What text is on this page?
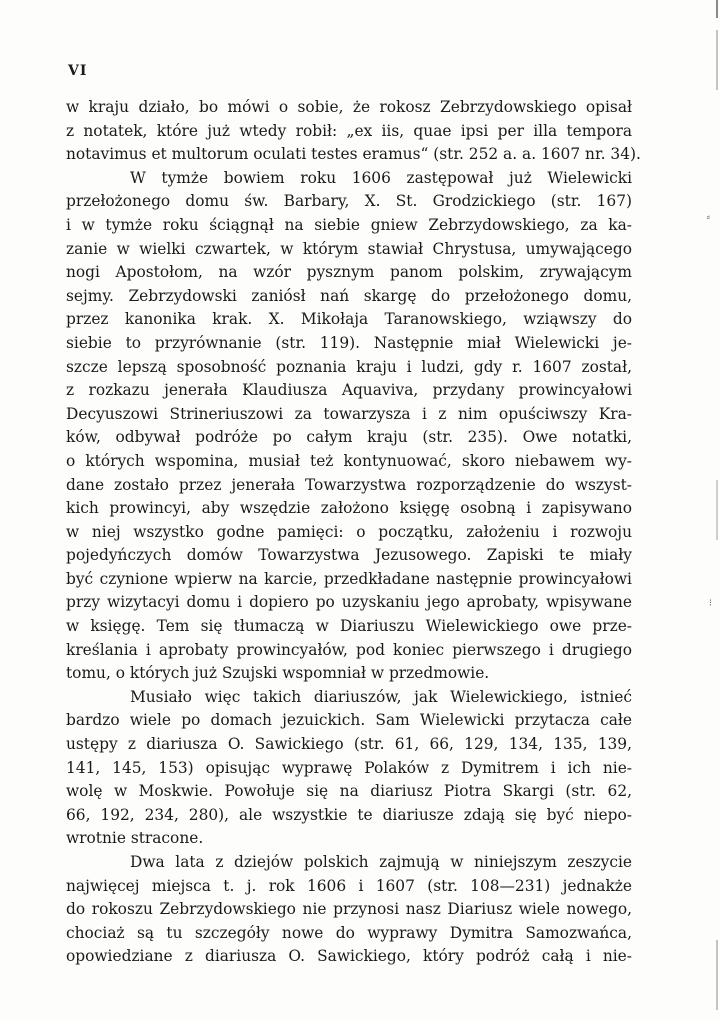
VI
w kraju działo, bo mówi o sobie, że rokosz Zebrzydowskiego opisał
z notatek, które już wtedy robił: „ex iis, quae ipsi per illa tempora
notavimus et multorum oculati testes eramus“ (str. 252 a. a. 1607 nr. 34).
W tymże bowiem roku 1606 zastępował już Wielewicki
przełożonego domu św. Barbary, X. St. Grodzickiego (str. 167)
i w tymże roku ściągnął na siebie gniew Zebrzydowskiego, za ka-
zanie w wielki czwartek, w którym stawiał Chrystusa, umywającego
nogi Apostołom, na wzór pysznym panom polskim, zrywającym
sejmy. Zebrzydowski zaniósł nań skargę do przełożonego domu,
przez kanonika krak. X. Mikołaja Taranowskiego, wziąwszy do
siebie to przyrównanie (str. 119). Następnie miał Wielewicki je-
szcze lepszą sposobność poznania kraju i ludzi, gdy r. 1607 został,
z rozkazu jenerała Klaudiusza Aquaviva, przydany prowincyałowi
Decyuszowi Strineriuszowi za towarzysza i z nim opuściwszy Kra-
ków, odbywał podróże po całym kraju (str. 235). Owe notatki,
o których wspomina, musiał też kontynuować, skoro niebawem wy-
dane zostało przez jenerała Towarzystwa rozporządzenie do wszyst-
kich prowincyi, aby wszędzie założono księgę osobną i zapisywano
w niej wszystko godne pamięci: o początku, założeniu i rozwoju
pojedyńczych domów Towarzystwa Jezusowego. Zapiski te miały
być czynione wpierw na karcie, przedkładane następnie prowincyałowi
przy wizytacyi domu i dopiero po uzyskaniu jego aprobaty, wpisywane
w księgę. Tem się tłumaczą w Diariuszu Wielewickiego owe prze-
kreślania i aprobaty prowincyałów, pod koniec pierwszego i drugiego
tomu, o których już Szujski wspomniał w przedmowie.
Musiało więc takich diariuszów, jak Wielewickiego, istnieć
bardzo wiele po domach jezuickich. Sam Wielewicki przytacza całe
ustępy z diariusza O. Sawickiego (str. 61, 66, 129, 134, 135, 139,
141, 145, 153) opisując wyprawę Polaków z Dymitrem i ich nie-
wolę w Moskwie. Powołuje się na diariusz Piotra Skargi (str. 62,
66, 192, 234, 280), ale wszystkie te diariusze zdają się być niepo-
wrotnie stracone.
Dwa lata z dziejów polskich zajmują w niniejszym zeszycie
najwięcej miejsca t. j. rok 1606 i 1607 (str. 108—231) jednakże
do rokoszu Zebrzydowskiego nie przynosi nasz Diariusz wiele nowego,
chociaż są tu szczegóły nowe do wyprawy Dymitra Samozwańca,
opowiedziane z diariusza O. Sawickiego, który podróż całą i nie-
⸗
⁝
